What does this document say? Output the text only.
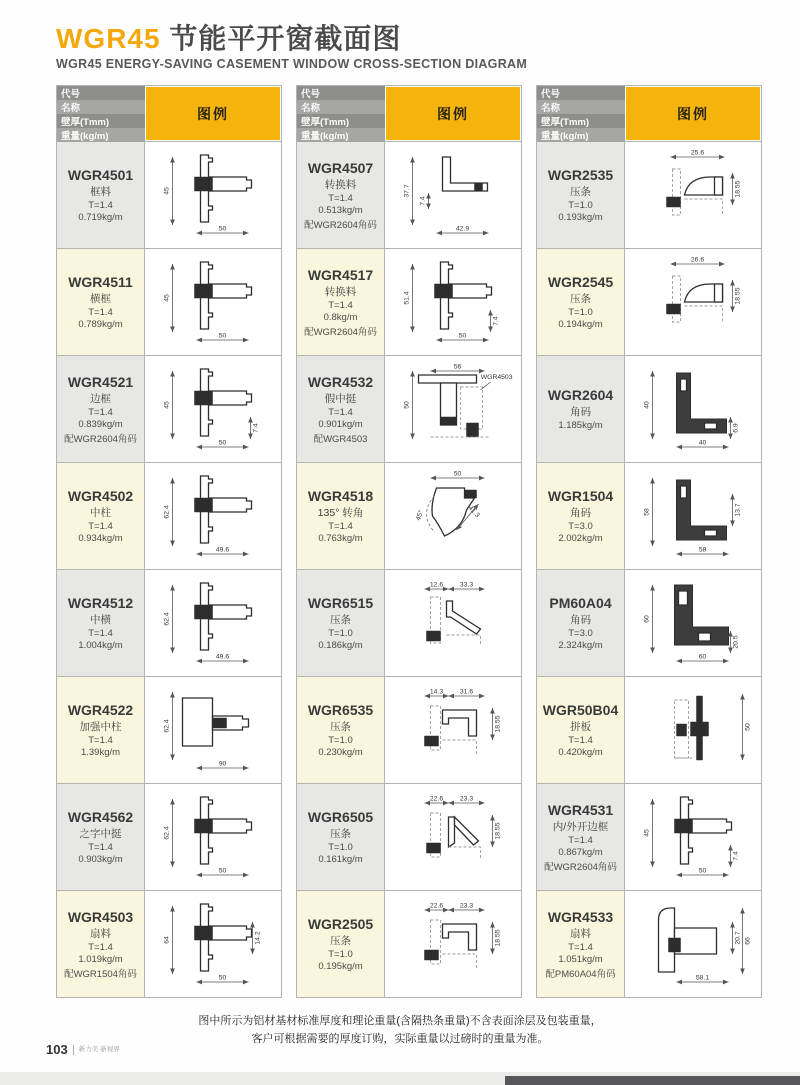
WGR45 节能平开窗截面图
WGR45 ENERGY-SAVING CASEMENT WINDOW CROSS-SECTION DIAGRAM
代号
名称
壁厚(Tmm)
重量(kg/m)
图例
WGR4501
框料
T=1.4
0.719kg/m
45
50
WGR4511
横框
T=1.4
0.789kg/m
45
50
WGR4521
边框
T=1.4
0.839kg/m
配WGR2604角码
45
50
7.4
WGR4502
中柱
T=1.4
0.934kg/m
62.4
49.6
WGR4512
中横
T=1.4
1.004kg/m
62.4
49.6
WGR4522
加强中柱
T=1.4
1.39kg/m
62.4
90
WGR4562
之字中挺
T=1.4
0.903kg/m
62.4
50
WGR4503
扇料
T=1.4
1.019kg/m
配WGR1504角码
64	14.2
50
代号
名称
壁厚(Tmm)
重量(kg/m)
图例
WGR4507
转换料
T=1.4
0.513kg/m
配WGR2604角码
37.7
7.4
42.9
WGR4517
转换料
T=1.4
0.8kg/m
配WGR2604角码
51.4
50
7.4
WGR4532
假中挺
T=1.4
0.901kg/m
配WGR4503
56
50
WGR4503
WGR4518
135° 转角
T=1.4
0.763kg/m
50
45°	41.3
WGR6515
压条
T=1.0
0.186kg/m
12.6 33.3
WGR6535
压条
T=1.0
0.230kg/m
14.3 31.6
18.55
WGR6505
压条
T=1.0
0.161kg/m
22.6 23.3
18.55
WGR2505
压条
T=1.0
0.195kg/m
22.6 23.3
18.55
代号
名称
壁厚(Tmm)
重量(kg/m)
图例
WGR2535
压条
T=1.0
0.193kg/m
25.6
18.55
WGR2545
压条
T=1.0
0.194kg/m
26.6
18.55
WGR2604
角码
1.185kg/m
40
40
6.9
WGR1504
角码
T=3.0
2.002kg/m
58
58
13.7
PM60A04
角码
T=3.0
2.324kg/m
60
60
20.5
WGR50B04
拼板
T=1.4
0.420kg/m
50
WGR4531
内/外开边框
T=1.4
0.867kg/m
配WGR2604角码
45
50
7.4
WGR4533
扇料
T=1.4
1.051kg/m
配PM60A04角码
20.7 66
58.1
图中所示为铝材基材标准厚度和理论重量(含隔热条重量)不含表面涂层及包装重量，
客户可根据需要的厚度订购，实际重量以过磅时的重量为准。
103	新力美·新视界
